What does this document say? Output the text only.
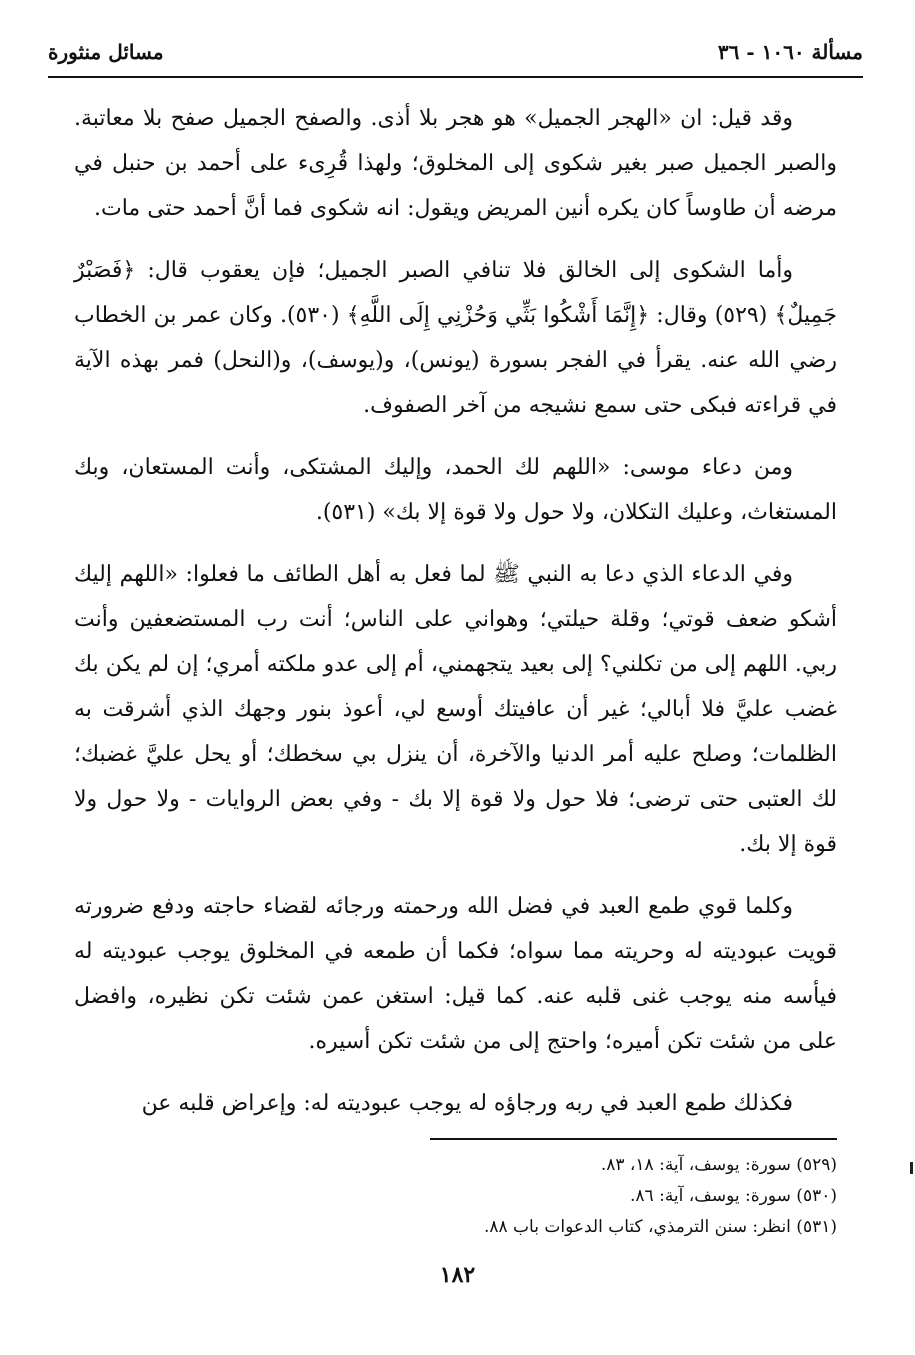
مسألة ١٠٦٠ - ٣٦
مسائل منثورة

وقد قيل: ان «الهجر الجميل» هو هجر بلا أذى. والصفح الجميل صفح بلا معاتبة. والصبر الجميل صبر بغير شكوى إلى المخلوق؛ ولهذا قُرِىء على أحمد بن حنبل في مرضه أن طاوساً كان يكره أنين المريض ويقول: انه شكوى فما أنَّ أحمد حتى مات.

وأما الشكوى إلى الخالق فلا تنافي الصبر الجميل؛ فإن يعقوب قال: ﴿فَصَبْرٌ جَمِيلٌ﴾ (٥٢٩) وقال: ﴿إِنَّمَا أَشْكُوا بَثِّي وَحُزْنِي إِلَى اللَّهِ﴾ (٥٣٠). وكان عمر بن الخطاب رضي الله عنه. يقرأ في الفجر بسورة (يونس)، و(يوسف)، و(النحل) فمر بهذه الآية في قراءته فبكى حتى سمع نشيجه من آخر الصفوف.

ومن دعاء موسى: «اللهم لك الحمد، وإليك المشتكى، وأنت المستعان، وبك المستغاث، وعليك التكلان، ولا حول ولا قوة إلا بك» (٥٣١).

وفي الدعاء الذي دعا به النبي ﷺ لما فعل به أهل الطائف ما فعلوا: «اللهم إليك أشكو ضعف قوتي؛ وقلة حيلتي؛ وهواني على الناس؛ أنت رب المستضعفين وأنت ربي. اللهم إلى من تكلني؟ إلى بعيد يتجهمني، أم إلى عدو ملكته أمري؛ إن لم يكن بك غضب عليَّ فلا أبالي؛ غير أن عافيتك أوسع لي، أعوذ بنور وجهك الذي أشرقت به الظلمات؛ وصلح عليه أمر الدنيا والآخرة، أن ينزل بي سخطك؛ أو يحل عليَّ غضبك؛ لك العتبى حتى ترضى؛ فلا حول ولا قوة إلا بك - وفي بعض الروايات - ولا حول ولا قوة إلا بك.

وكلما قوي طمع العبد في فضل الله ورحمته ورجائه لقضاء حاجته ودفع ضرورته قويت عبوديته له وحريته مما سواه؛ فكما أن طمعه في المخلوق يوجب عبوديته له فيأسه منه يوجب غنى قلبه عنه. كما قيل: استغن عمن شئت تكن نظيره، وافضل على من شئت تكن أميره؛ واحتج إلى من شئت تكن أسيره.

فكذلك طمع العبد في ربه ورجاؤه له يوجب عبوديته له: وإعراض قلبه عن

(٥٢٩) سورة: يوسف، آية: ١٨، ٨٣.

(٥٣٠) سورة: يوسف، آية: ٨٦.

(٥٣١) انظر: سنن الترمذي، كتاب الدعوات باب ٨٨.

١٨٢
